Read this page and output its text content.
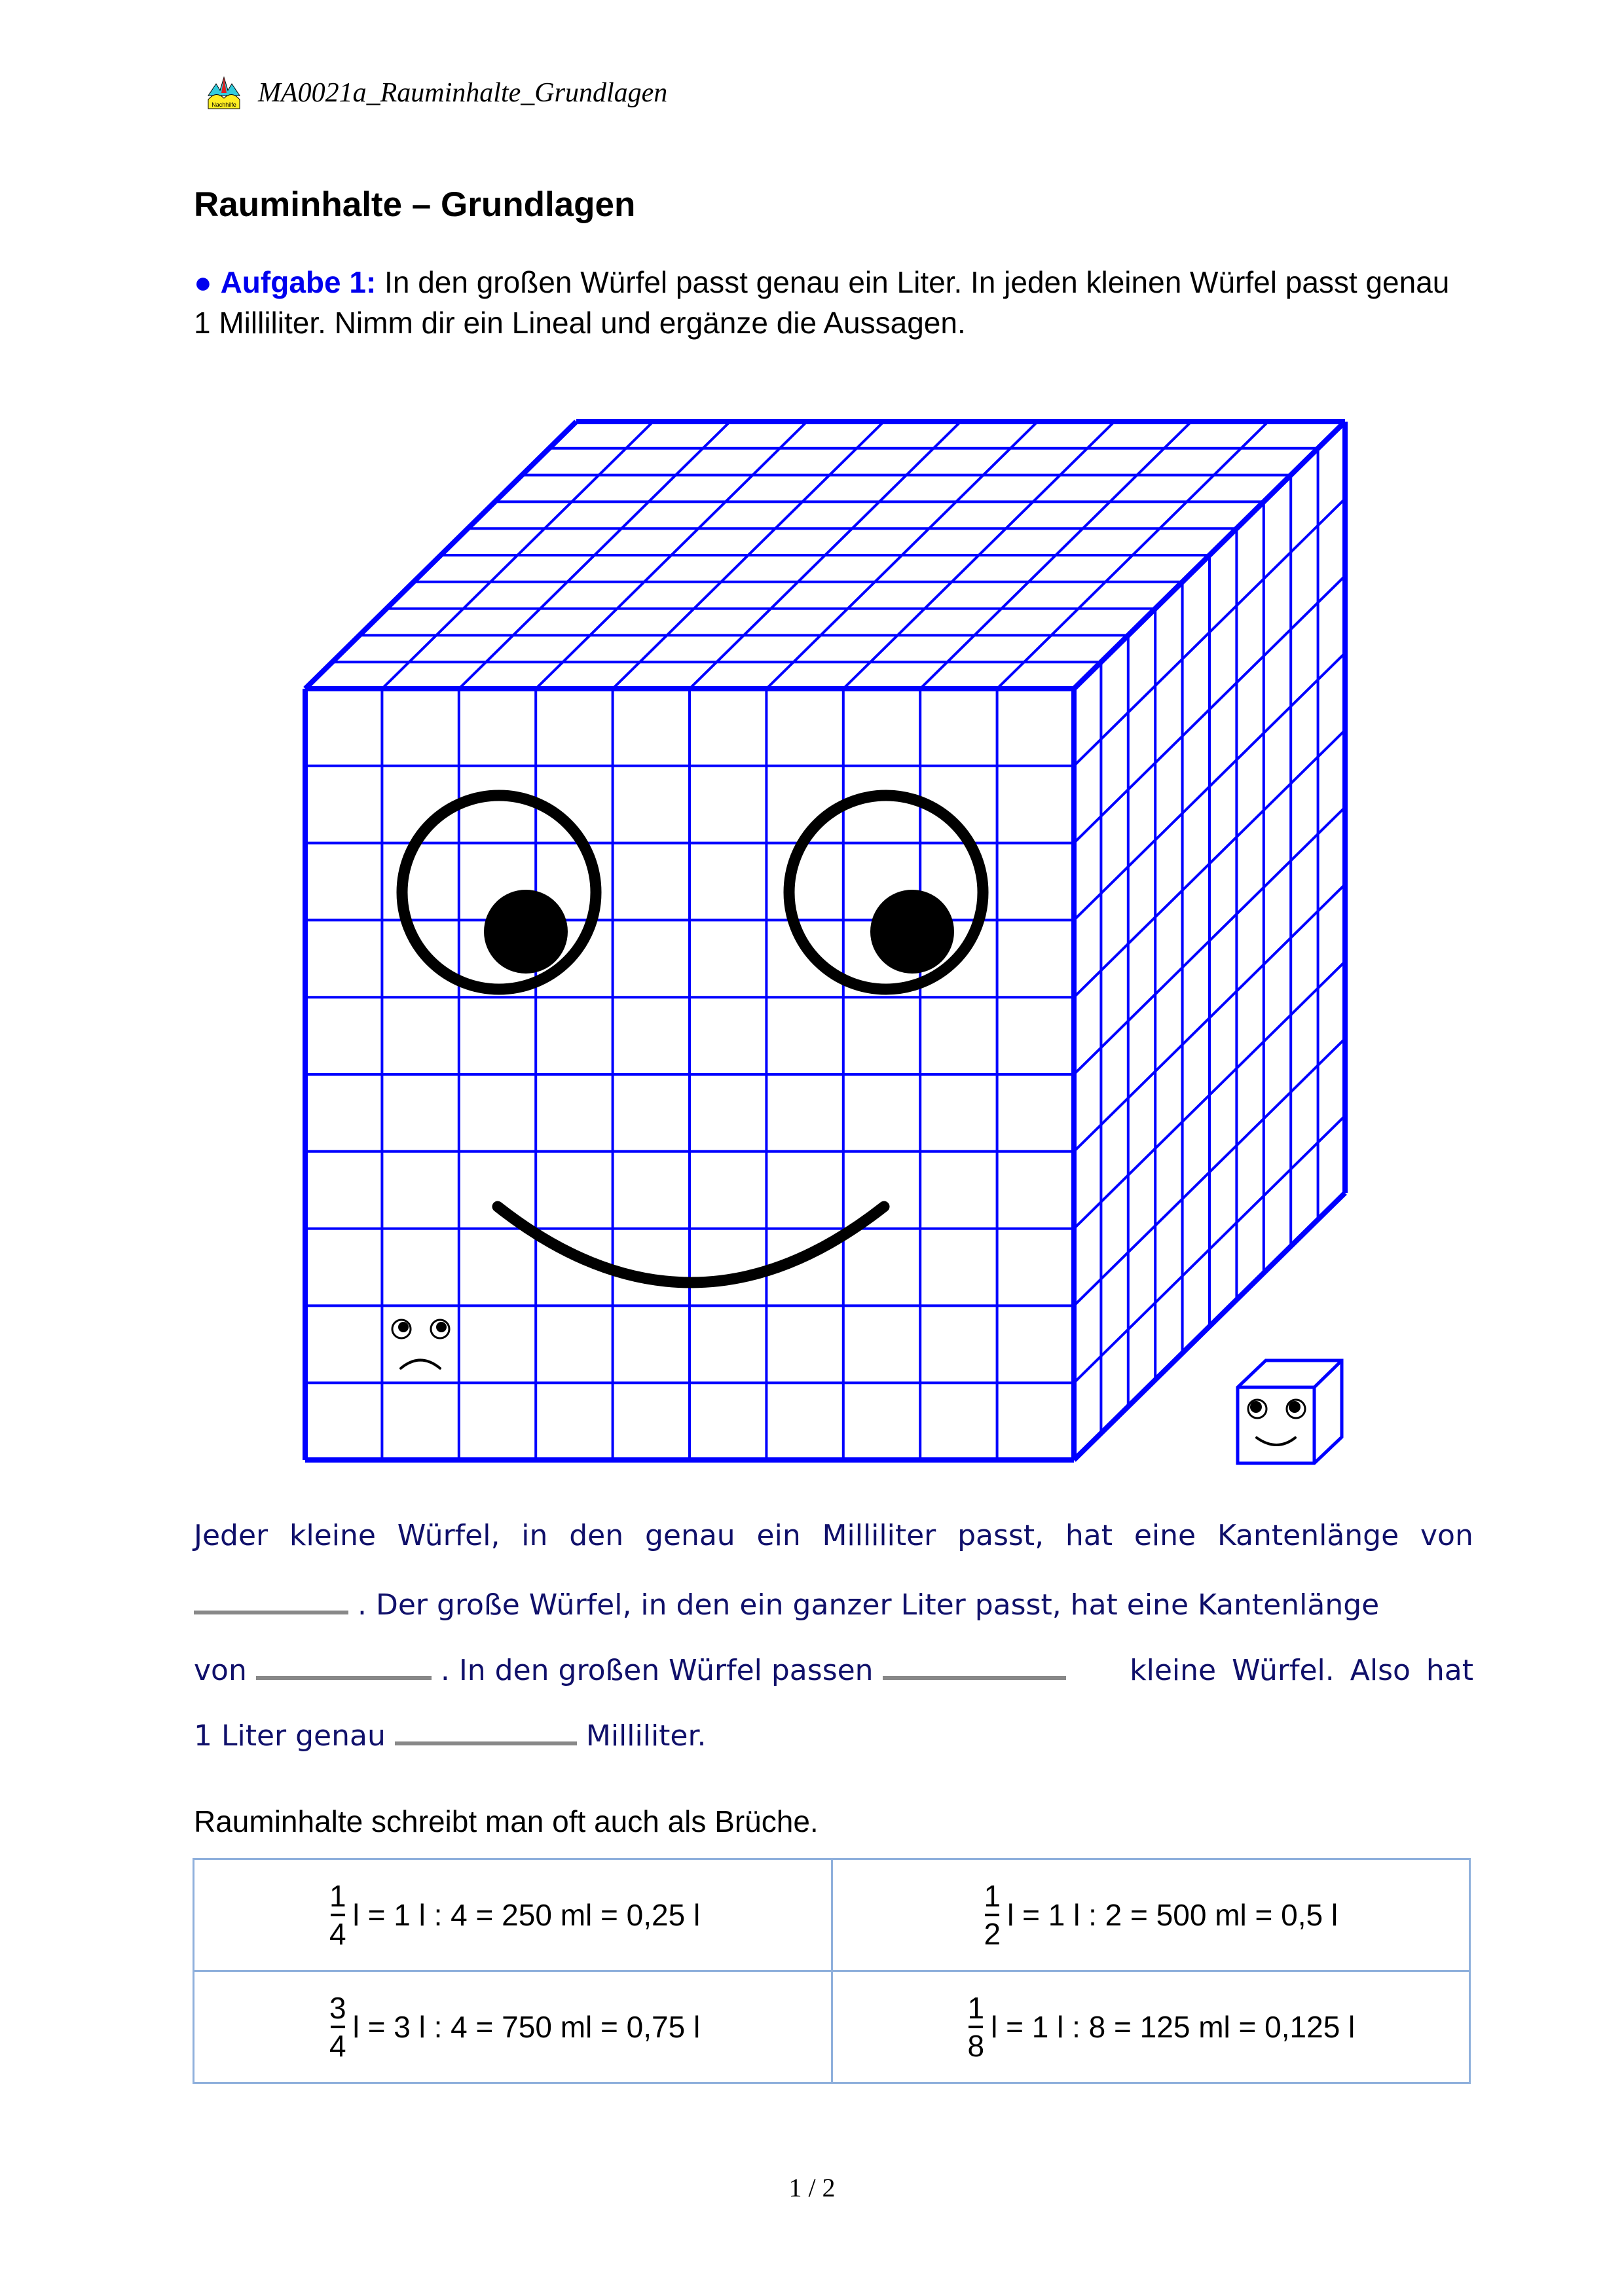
Nachhilfe MA0021a_Rauminhalte_Grundlagen
Rauminhalte – Grundlagen
● Aufgabe 1: In den großen Würfel passt genau ein Liter. In jeden kleinen Würfel passt genau 1 Milliliter. Nimm dir ein Lineal und ergänze die Aussagen.
Jeder kleine Würfel, in den genau ein Milliliter passt, hat eine Kantenlänge von
. Der große Würfel, in den ein ganzer Liter passt, hat eine Kantenlänge
von	. In den großen Würfel passen	kleine Würfel. Also hat
1 Liter genau	Milliliter.
Rauminhalte schreibt man oft auch als Brüche.
$\frac{1}{4}$ l = 1 l : 4 = 250 ml = 0,25 l	$\frac{1}{2}$ l = 1 l : 2 = 500 ml = 0,5 l

$\frac{3}{4}$ l = 3 l : 4 = 750 ml = 0,75 l	$\frac{1}{8}$ l = 1 l : 8 = 125 ml = 0,125 l
1 / 2
